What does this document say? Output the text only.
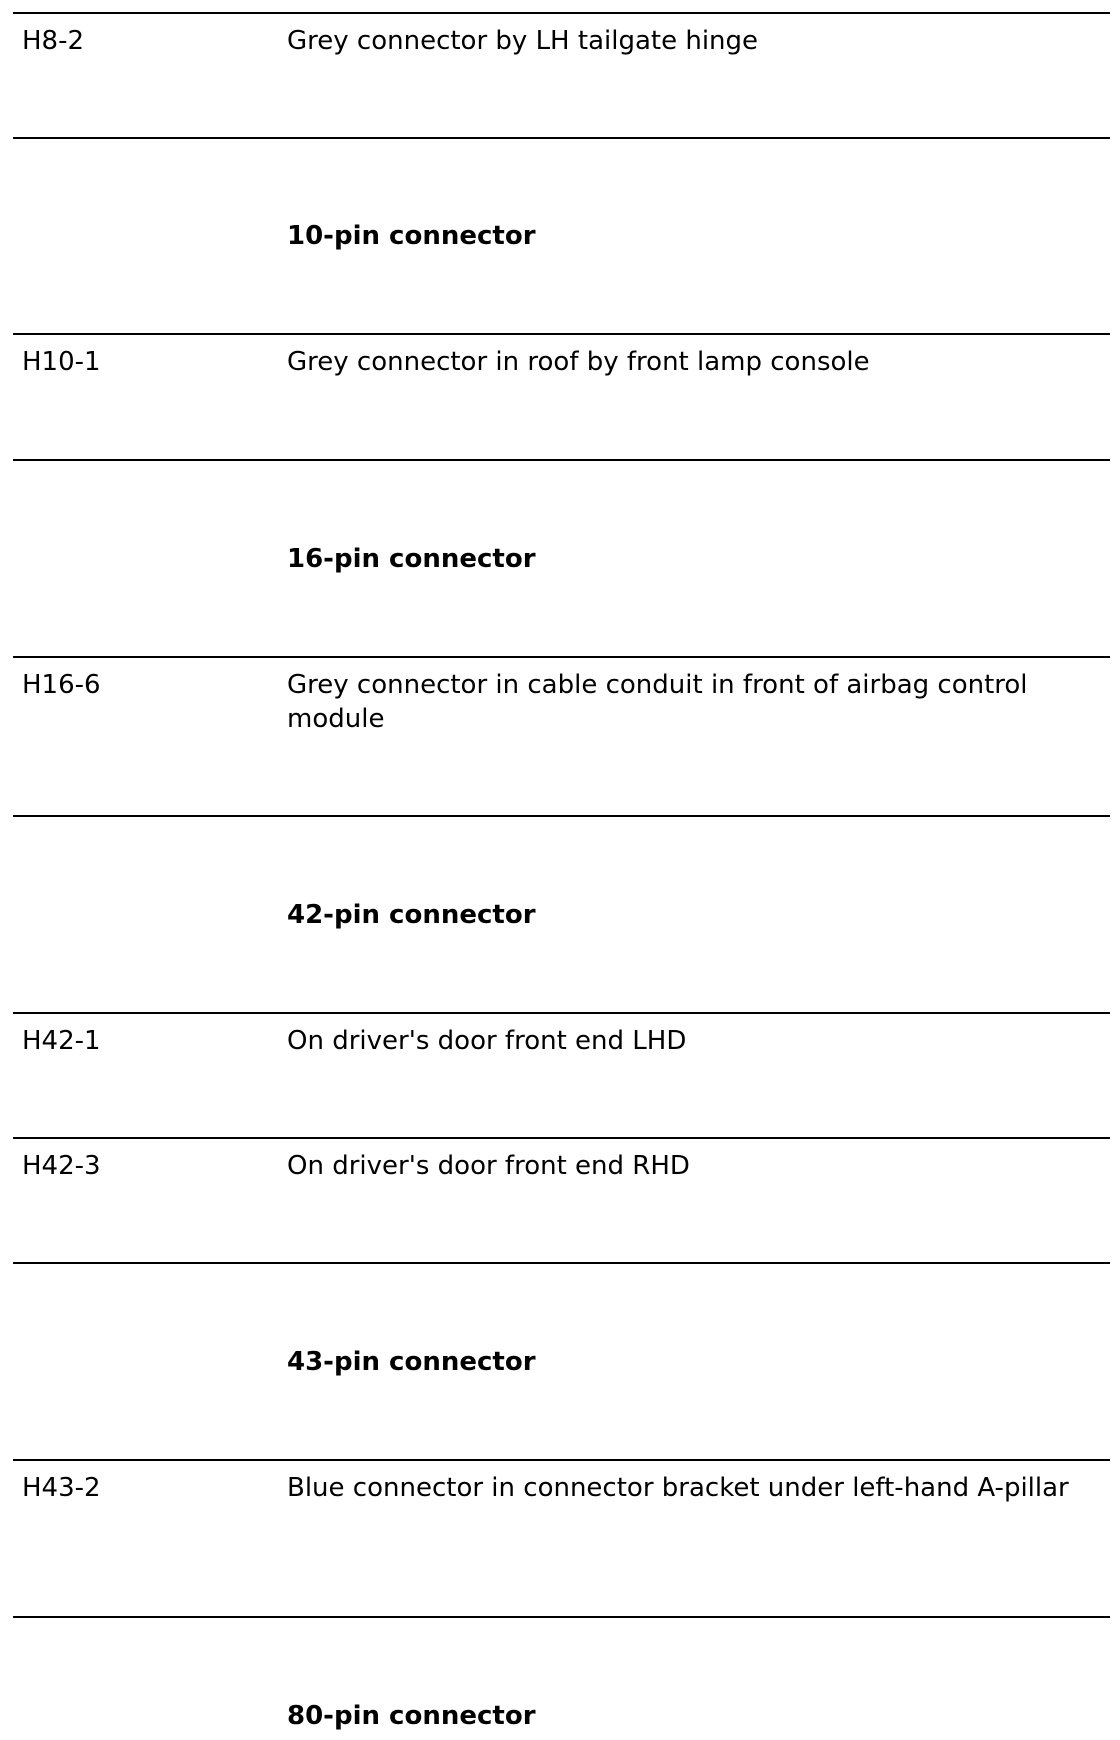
H8-2	Grey connector by LH tailgate hinge
10-pin connector
H10-1	Grey connector in roof by front lamp console
16-pin connector
H16-6	Grey connector in cable conduit in front of airbag control module
42-pin connector
H42-1	On driver's door front end LHD
H42-3	On driver's door front end RHD
43-pin connector
H43-2	Blue connector in connector bracket under left-hand A-pillar
80-pin connector
